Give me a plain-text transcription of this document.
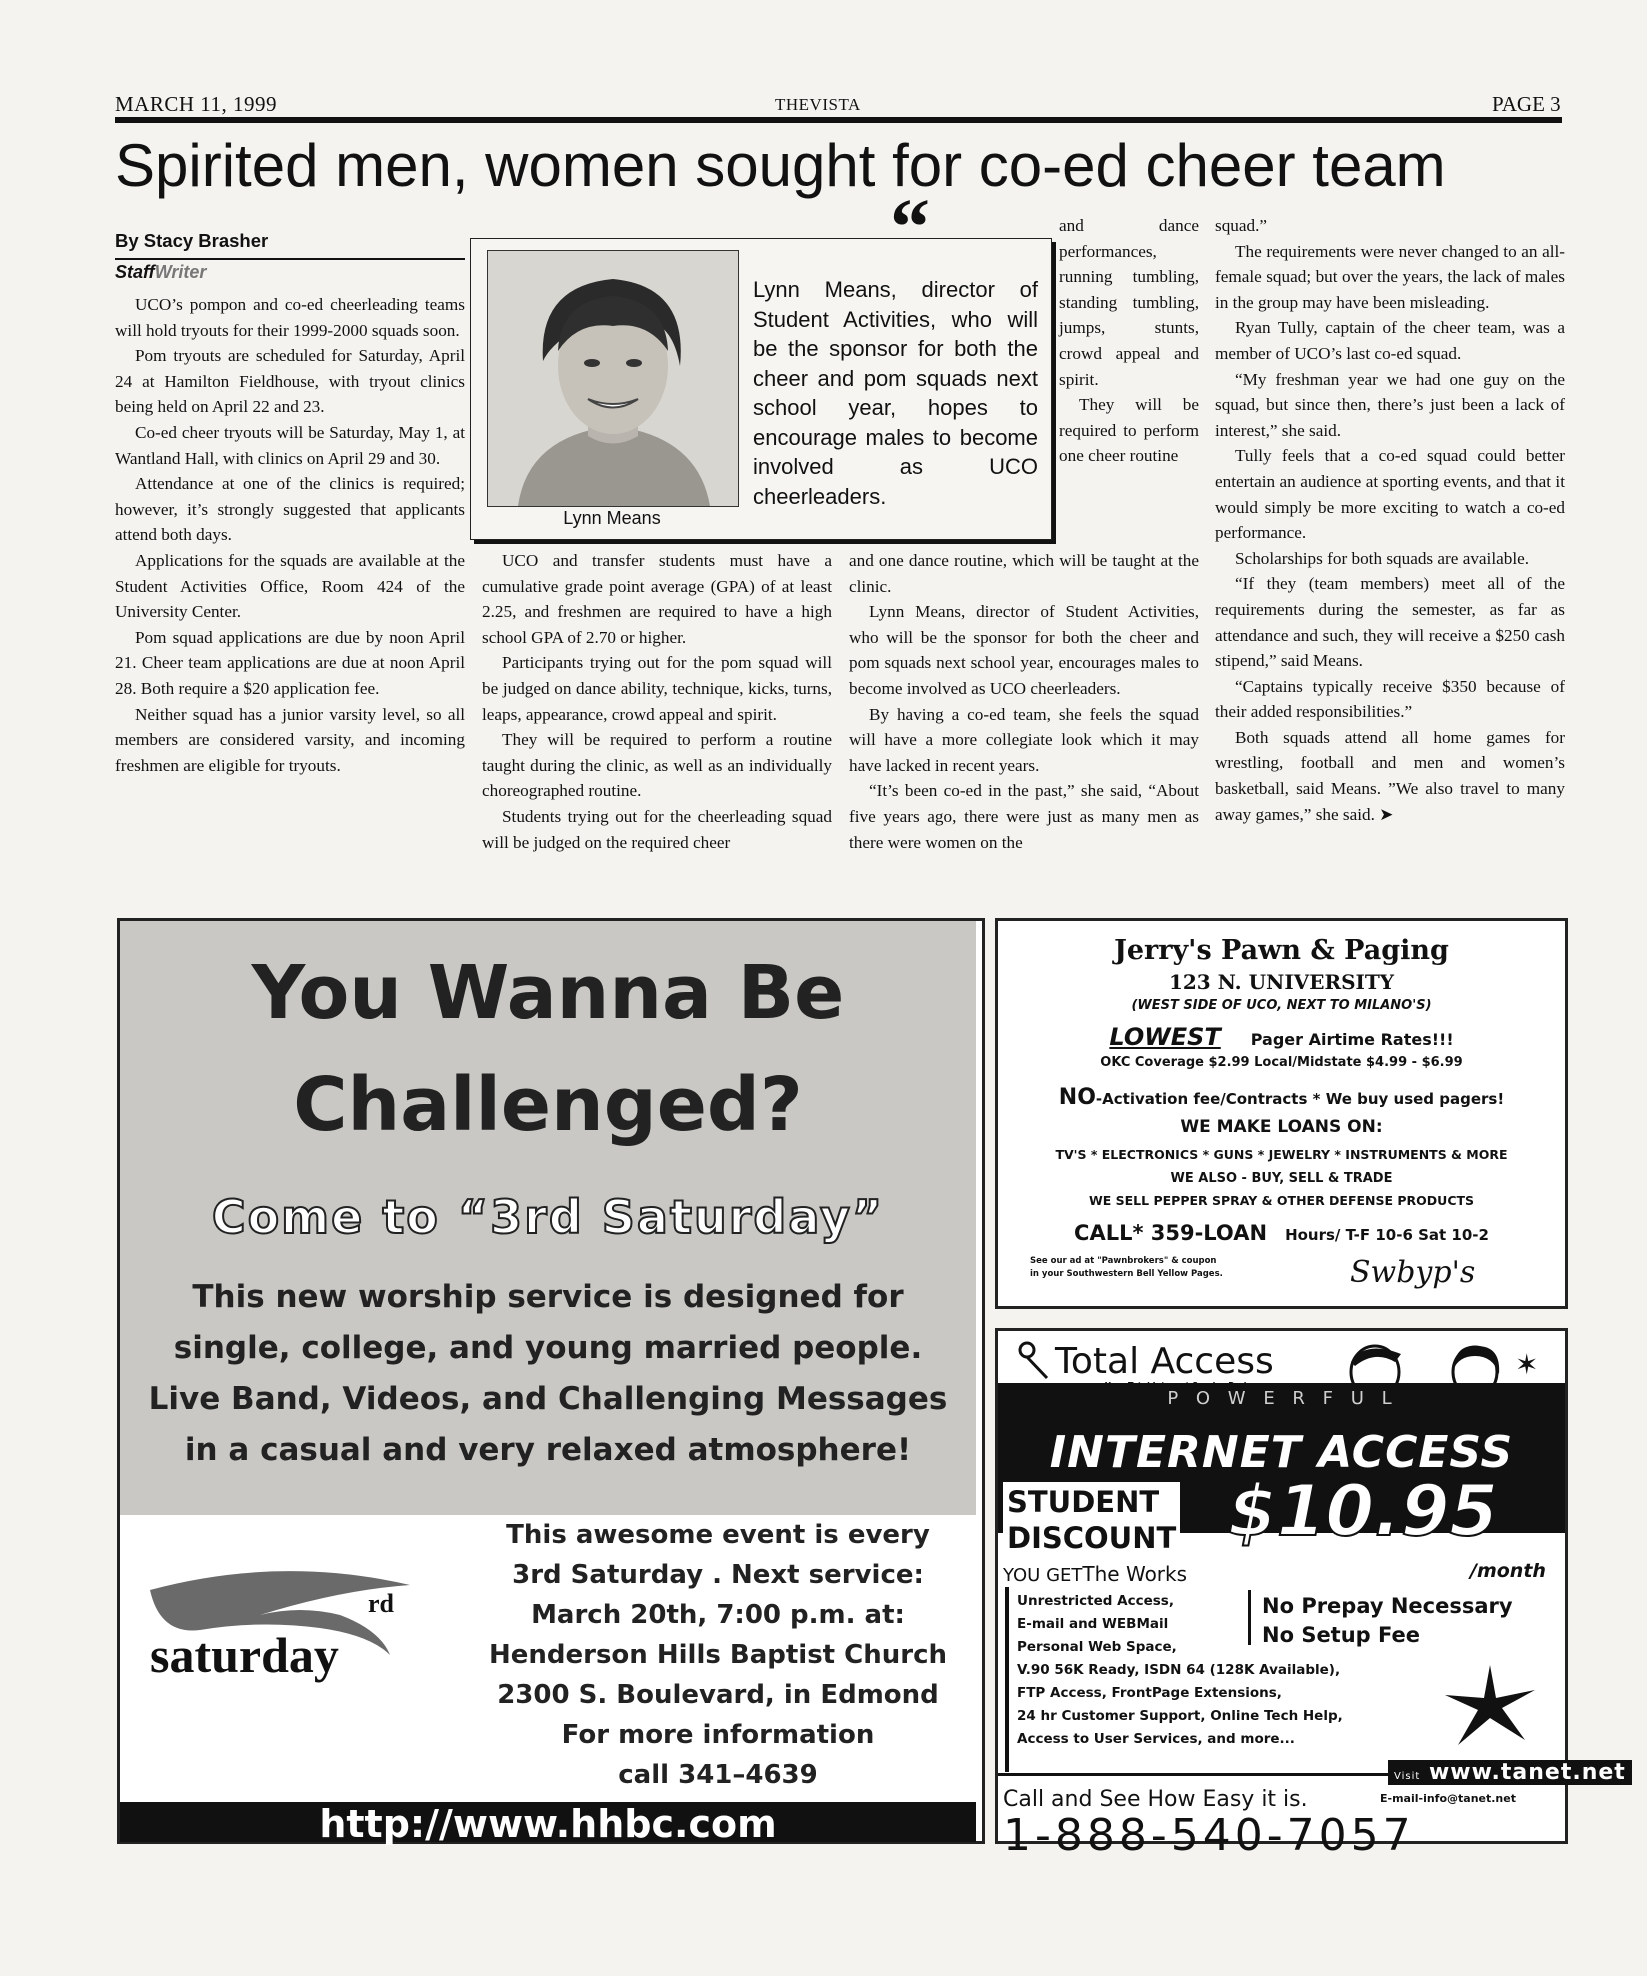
MARCH 11, 1999	THEVISTA	PAGE 3
Spirited men, women sought for co-ed cheer team
By Stacy Brasher
StaffWriter

UCO’s pompon and co-ed cheerleading teams will hold tryouts for their 1999-2000 squads soon.

Pom tryouts are scheduled for Saturday, April 24 at Hamilton Fieldhouse, with tryout clinics being held on April 22 and 23.

Co-ed cheer tryouts will be Saturday, May 1, at Wantland Hall, with clinics on April 29 and 30.

Attendance at one of the clinics is required; however, it’s strongly suggested that applicants attend both days.

Applications for the squads are available at the Student Activities Office, Room 424 of the University Center.

Pom squad applications are due by noon April 21. Cheer team applications are due at noon April 28. Both require a $20 application fee.

Neither squad has a junior varsity level, so all members are considered varsity, and incoming freshmen are eligible for tryouts.

UCO and transfer students must have a cumulative grade point average (GPA) of at least 2.25, and freshmen are required to have a high school GPA of 2.70 or higher.

Participants trying out for the pom squad will be judged on dance ability, technique, kicks, turns, leaps, appearance, crowd appeal and spirit.

They will be required to perform a routine taught during the clinic, as well as an individually choreographed routine.

Students trying out for the cheerleading squad will be judged on the required cheer

and dance performances, running tumbling, standing tumbling, jumps, stunts, crowd appeal and spirit.

They will be required to perform one cheer routine

and one dance routine, which will be taught at the clinic.

Lynn Means, director of Student Activities, who will be the sponsor for both the cheer and pom squads next school year, encourages males to become involved as UCO cheerleaders.

By having a co-ed team, she feels the squad will have a more collegiate look which it may have lacked in recent years.

“It’s been co-ed in the past,” she said, “About five years ago, there were just as many men as there were women on the

squad.”

The requirements were never changed to an all-female squad; but over the years, the lack of males in the group may have been misleading.

Ryan Tully, captain of the cheer team, was a member of UCO’s last co-ed squad.

“My freshman year we had one guy on the squad, but since then, there’s just been a lack of interest,” she said.

Tully feels that a co-ed squad could better entertain an audience at sporting events, and that it would simply be more exciting to watch a co-ed performance.

Scholarships for both squads are available.

“If they (team members) meet all of the requirements during the semester, as far as attendance and such, they will receive a $250 cash stipend,” said Means.

“Captains typically receive $350 because of their added responsibilities.”

Both squads attend all home games for wrestling, football and men and women’s basketball, said Means. ”We also travel to many away games,” she said. ➤

Lynn Means
“
Lynn Means, director of Student Activities, who will be the sponsor for both the cheer and pom squads next school year, hopes to encourage males to become involved as UCO cheerleaders.
You Wanna Be
Challenged?
Come to “3rd Saturday”
This new worship service is designed for
single, college, and young married people.
Live Band, Videos, and Challenging Messages
in a casual and very relaxed atmosphere!
rd
saturday
This awesome event is every
3rd Saturday . Next service:
March 20th, 7:00 p.m. at:
Henderson Hills Baptist Church
2300 S. Boulevard, in Edmond
For more information
call 341–4639
http://www.hhbc.com
Jerry's Pawn & Paging
123 N. UNIVERSITY
(WEST SIDE OF UCO, NEXT TO MILANO'S)
LOWEST Pager Airtime Rates!!!
OKC Coverage $2.99 Local/Midstate $4.99 - $6.99
NO-Activation fee/Contracts * We buy used pagers!
WE MAKE LOANS ON:
TV'S * ELECTRONICS * GUNS * JEWELRY * INSTRUMENTS & MORE
WE ALSO - BUY, SELL & TRADE
WE SELL PEPPER SPRAY & OTHER DEFENSE PRODUCTS
CALL* 359-LOAN Hours/ T-F 10-6 Sat 10-2
See our ad at "Pawnbrokers" & coupon
in your Southwestern Bell Yellow Pages.	Swbyp's
Total Access	✶
P O W E R F U L
INTERNET ACCESS
STUDENT
DISCOUNT $10.95
/month
YOU GETThe Works
Unrestricted Access,
E-mail and WEBMail
Personal Web Space,
V.90 56K Ready, ISDN 64 (128K Available),
FTP Access, FrontPage Extensions,
24 hr Customer Support, Online Tech Help,
Access to User Services, and more...
No Prepay Necessary
No Setup Fee
Visit www.tanet.net
Call and See How Easy it is.	E-mail-info@tanet.net
1-888-540-7057
